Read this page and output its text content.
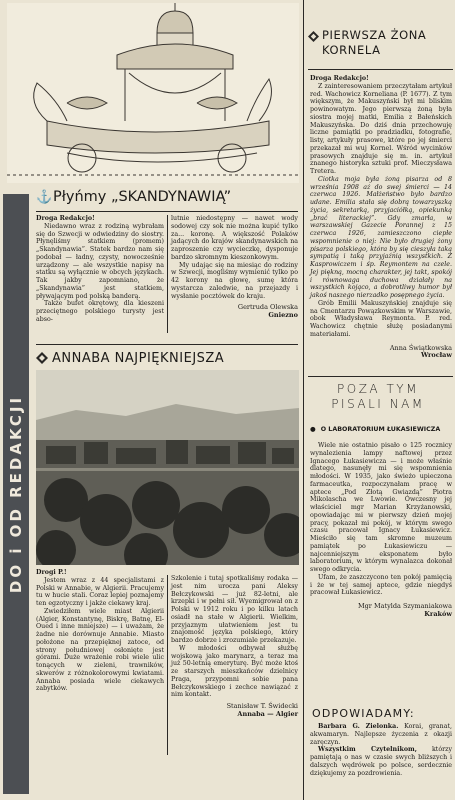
DO i OD REDAKCJI
⚓ Płyńmy „SKANDYNAWIĄ”
Droga Redakcjo!

Niedawno wraz z rodziną wybrałam się do Szwecji w odwiedziny do siostry. Płynęliśmy statkiem (promem) „Skandynawia”. Statek bardzo nam się podobał — ładny, czysty, nowocześnie urządzony — ale wszystkie napisy na statku są wyłącznie w obcych językach. Tak jakby zapomniano, że „Skandynawia” jest statkiem, pływającym pod polską banderą.

Także bufet okrętowy, dla kieszeni przeciętnego polskiego turysty jest abso-

lutnie niedostępny — nawet wody sodowej czy sok nie można kupić tylko za... koronę. A większość Polaków jadących do krajów skandynawskich na zaproszenie czy wycieczkę, dysponuje bardzo skromnym kieszonkowym.

My udając się na miesiąc do rodziny w Szwecji, mogliśmy wymienić tylko po 42 korony na głowę, sumę która wystarcza zaledwie, na przejazdy i wysłanie pocztówek do kraju.

Gertruda Olewska
Gniezno
ANNABA NAJPIĘKNIEJSZA
Drogi P.!

Jestem wraz z 44 specjalistami z Polski w Annabie, w Algierii. Pracujemy tu w hucie stali. Coraz lepiej poznajemy ten egzotyczny i jakże ciekawy kraj.

Zwiedziłem wiele miast Algierii (Algier, Konstantynę, Biskrę, Batnę, El-Oued i inne mniejsze) — i uważam, że żadne nie dorównuje Annabie. Miasto położone na przepięknej zatoce, od strony południowej osłonięte jest górami. Duże wrażenie robi wiele ulic tonących w zieleni, trawników, skwerów z różnokolorowymi kwiatami. Annaba posiada wiele ciekawych zabytków.

Szkolenie i tutaj spotkaliśmy rodaka — jest nim urocza pani Aleksy Bełczykowski — już 82-letni, ale krzepki i w pełni sił. Wyemigrował on z Polski w 1912 roku i po kilku latach osiadł na stałe w Algierii. Wielkim, przyjaznym ułatwieniem jest tu znajomość języka polskiego, który bardzo dobrze i zrozumiale przekazuje.

W młodości odbywał służbę wojskową jako marynarz, a teraz ma już 50-letnią emeryturę. Być może ktoś ze starszych mieszkańców dzielnicy Praga, przypomni sobie pana Bełczykowskiego i zechce nawiązać z nim kontakt.

Stanisław T. Świdecki
Annaba — Algier
PIERWSZA ŻONA KORNELA
Droga Redakcjo!

Z zainteresowaniem przeczytałam artykuł red. Wachowicz Korneliana (P. 1677). Z tym większym, że Makuszyński był mi bliskim powinowatym. Jego pierwszą żoną była siostra mojej matki, Emilia z Bałeńskich Makuszyńska. Do dziś dnia przechowuję liczne pamiątki po pradziadku, fotografie, listy, artykuły prasowe, które po jej śmierci przekazał mi wuj Kornel. Wśród wycinków prasowych znajduje się m. in. artykuł znanego historyka sztuki prof. Mieczysława Tretera.

Ciotka moja była żoną pisarza od 8 września 1908 aż do swej śmierci — 14 czerwca 1926. Małżeństwo było bardzo udane. Emilia stała się dobrą towarzyszką życia, sekretarką, przyjaciółką, opiekunką „brać literackiej”. Gdy zmarła, w warszawskiej Gazecie Porannej z 15 czerwca 1926, zamieszczono ciepłe wspomnienie o niej: Nie było drugiej żony pisarza polskiego, która by się cieszyła taką sympatią i taką przyjaźnią wszystkich. Z Kasprowiczem i śp. Reymontem na czele. Jej piękną, mocną charakter, jej takt, spokój i równowaga duchowa działały na wszystkich kojąco, a dobrotliwy humor był jakoś naszego nierzadko posępnego życia.

Grób Emilii Makuszyńskiej znajduje się na Cmentarzu Powązkowskim w Warszawie, obok Władysława Reymonta. P. red. Wachowicz chętnie służę posiadanymi materiałami.

Anna Świątkowska
Wrocław
POZA TYM PISALI NAM
● O LABORATORIUM ŁUKASIEWICZA

Wiele nie ostatnio pisało o 125 rocznicy wynalezienia lampy naftowej przez Ignacego Łukasiewicza — i może właśnie dlatego, nasunęły mi się wspomnienia młodości. W 1935, jako świeżo upieczona farmaceutka, rozpoczynałam pracę w aptece „Pod Złotą Gwiazdą” Piotra Mikolascha we Lwowie. Ówczesny jej właściciel mgr Marian Krzyżanowski, opowiadając mi w pierwszy dzień mojej pracy, pokazał mi pokój, w którym swego czasu pracował Ignacy Łukasiewicz. Mieściło się tam skromne muzeum pamiątek po Łukasiewiczu — najcenniejszym eksponatem było laboratorium, w którym wynalazca dokonał swego odkrycia.

Ufam, że zaszczycono ten pokój pamięcią i że w tej samej aptece, gdzie niegdyś pracował Łukasiewicz.

Mgr Matylda Szymaniakowa
Kraków
ODPOWIADAMY:

Barbara G. Zielonka. Korai, granat, akwamaryn. Najlepsze życzenia z okazji zaręczyn.

Wszystkim Czytelnikom, którzy pamiętają o nas w czasie swych bliższych i dalszych wędrówek po polsce, serdecznie dziękujemy za pozdrowienia.
